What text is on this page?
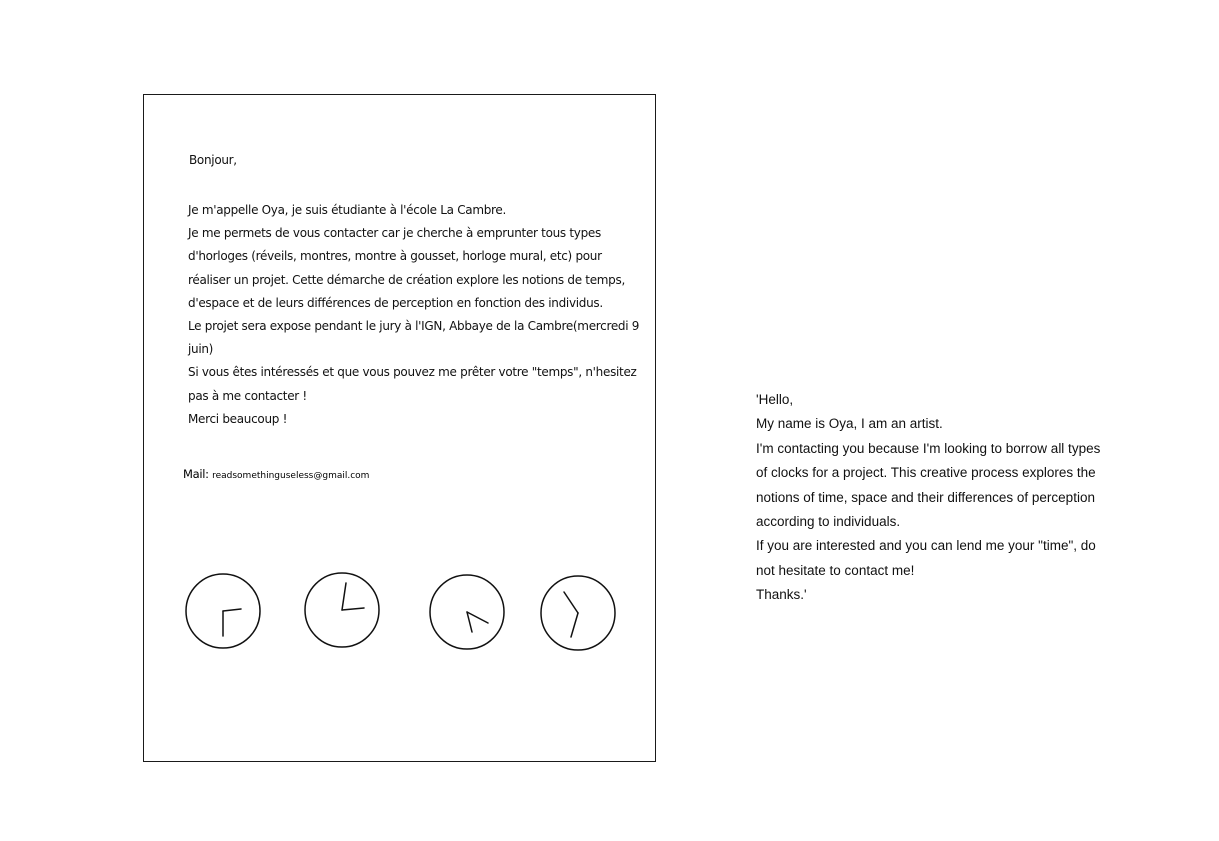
Bonjour,
Je m'appelle Oya, je suis étudiante à l'école La Cambre.
Je me permets de vous contacter car je cherche à emprunter tous types
d'horloges (réveils, montres, montre à gousset, horloge mural, etc) pour
réaliser un projet. Cette démarche de création explore les notions de temps,
d'espace et de leurs différences de perception en fonction des individus.
Le projet sera expose pendant le jury à l'IGN, Abbaye de la Cambre(mercredi 9
juin)
Si vous êtes intéressés et que vous pouvez me prêter votre "temps", n'hesitez
pas à me contacter !
Merci beaucoup !
Mail: readsomethinguseless@gmail.com
'Hello,
My name is Oya, I am an artist.
I'm contacting you because I'm looking to borrow all types
of clocks for a project. This creative process explores the
notions of time, space and their differences of perception
according to individuals.
If you are interested and you can lend me your "time", do
not hesitate to contact me!
Thanks.'
